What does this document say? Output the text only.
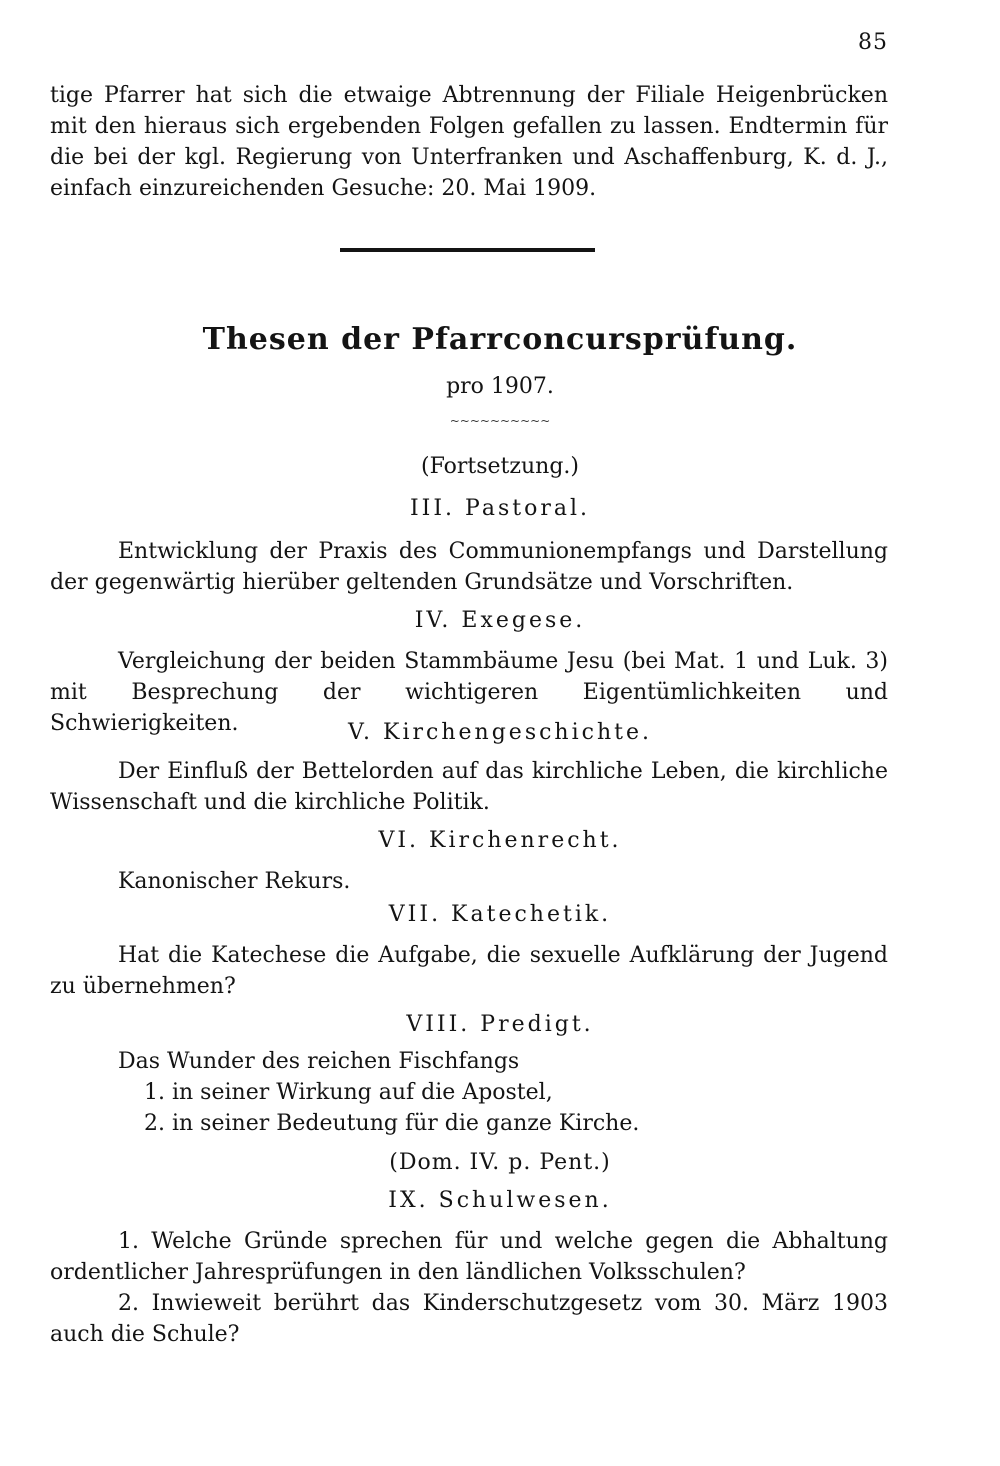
85
tige Pfarrer hat sich die etwaige Abtrennung der Filiale Heigenbrücken mit den hieraus sich ergebenden Folgen gefallen zu lassen. Endtermin für die bei der kgl. Regierung von Unterfranken und Aschaffenburg, K. d. J., einfach einzureichenden Gesuche: 20. Mai 1909.
Thesen der Pfarrconcursprüfung.
pro 1907.
~~~~~~~~~~
(Fortsetzung.)
III. Pastoral.
Entwicklung der Praxis des Communionempfangs und Darstellung der gegenwärtig hierüber geltenden Grundsätze und Vorschriften.
IV. Exegese.
Vergleichung der beiden Stammbäume Jesu (bei Mat. 1 und Luk. 3) mit Besprechung der wichtigeren Eigentümlichkeiten und Schwierigkeiten.	V. Kirchengeschichte.
Der Einfluß der Bettelorden auf das kirchliche Leben, die kirchliche Wissenschaft und die kirchliche Politik.
VI. Kirchenrecht.
Kanonischer Rekurs.
VII. Katechetik.
Hat die Katechese die Aufgabe, die sexuelle Aufklärung der Jugend zu übernehmen?
VIII. Predigt.
Das Wunder des reichen Fischfangs
1. in seiner Wirkung auf die Apostel,
2. in seiner Bedeutung für die ganze Kirche.
(Dom. IV. p. Pent.)
IX. Schulwesen.
1. Welche Gründe sprechen für und welche gegen die Abhaltung ordentlicher Jahresprüfungen in den ländlichen Volksschulen?
2. Inwieweit berührt das Kinderschutzgesetz vom 30. März 1903 auch die Schule?
